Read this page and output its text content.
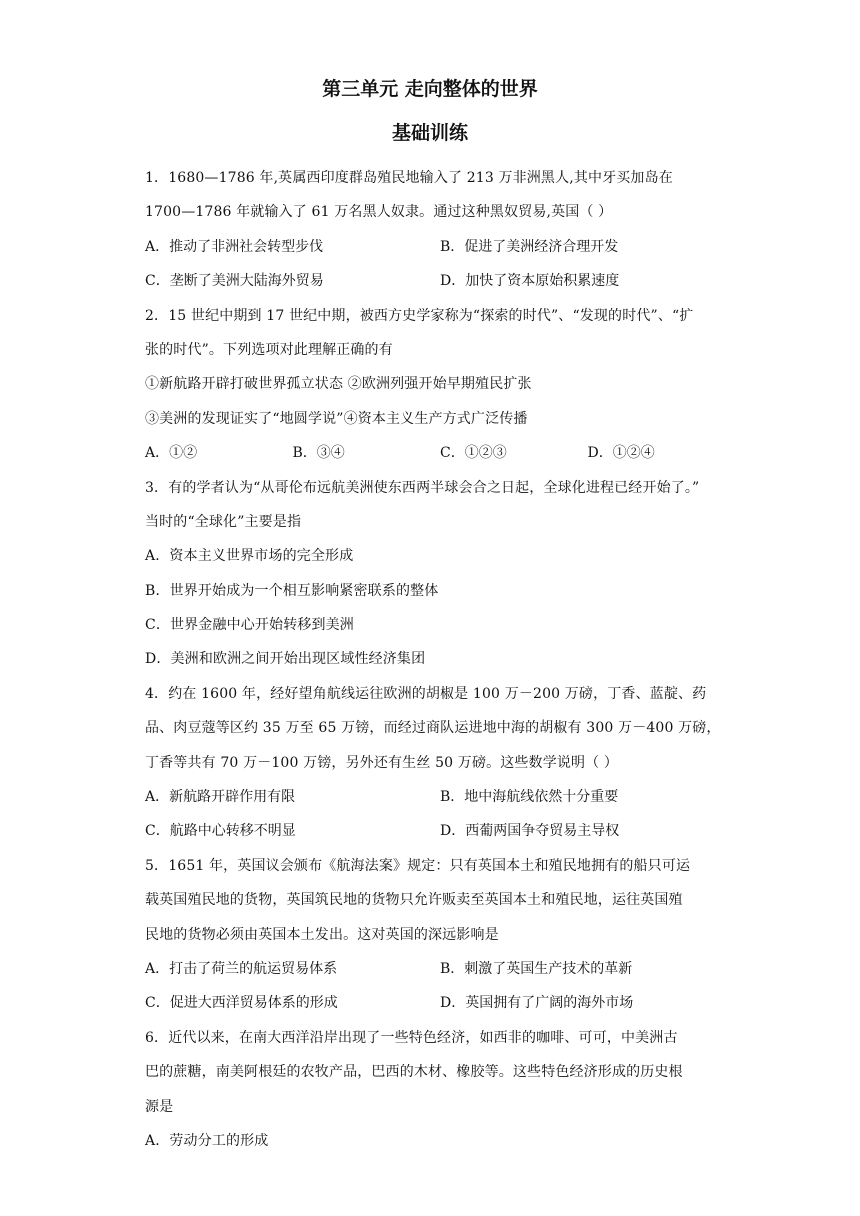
第三单元 走向整体的世界
基础训练

1．1680—1786 年,英属西印度群岛殖民地输入了 213 万非洲黑人,其中牙买加岛在

1700—1786 年就输入了 61 万名黑人奴隶。通过这种黑奴贸易,英国（ ）

A．推动了非洲社会转型步伐	B．促进了美洲经济合理开发
C．垄断了美洲大陆海外贸易	D．加快了资本原始积累速度

2．15 世纪中期到 17 世纪中期，被西方史学家称为“探索的时代”、“发现的时代”、“扩

张的时代”。下列选项对此理解正确的有

①新航路开辟打破世界孤立状态 ②欧洲列强开始早期殖民扩张

③美洲的发现证实了“地圆学说”④资本主义生产方式广泛传播

A．①②	B．③④	C．①②③	D．①②④

3．有的学者认为“从哥伦布远航美洲使东西两半球会合之日起，全球化进程已经开始了。”

当时的“全球化”主要是指

A．资本主义世界市场的完全形成

B．世界开始成为一个相互影响紧密联系的整体

C．世界金融中心开始转移到美洲

D．美洲和欧洲之间开始出现区域性经济集团

4．约在 1600 年，经好望角航线运往欧洲的胡椒是 100 万－200 万磅，丁香、蓝靛、药

品、肉豆蔻等区约 35 万至 65 万镑，而经过商队运进地中海的胡椒有 300 万－400 万磅，

丁香等共有 70 万－100 万镑，另外还有生丝 50 万磅。这些数学说明（ ）

A．新航路开辟作用有限	B．地中海航线依然十分重要
C．航路中心转移不明显	D．西葡两国争夺贸易主导权

5．1651 年，英国议会颁布《航海法案》规定：只有英国本土和殖民地拥有的船只可运

载英国殖民地的货物，英国筑民地的货物只允许贩卖至英国本土和殖民地，运往英国殖

民地的货物必须由英国本土发出。这对英国的深远影响是

A．打击了荷兰的航运贸易体系	B．刺激了英国生产技术的革新
C．促进大西洋贸易体系的形成	D．英国拥有了广阔的海外市场

6．近代以来，在南大西洋沿岸出现了一些特色经济，如西非的咖啡、可可，中美洲古

巴的蔗糖，南美阿根廷的农牧产品，巴西的木材、橡胶等。这些特色经济形成的历史根

源是

A．劳动分工的形成
